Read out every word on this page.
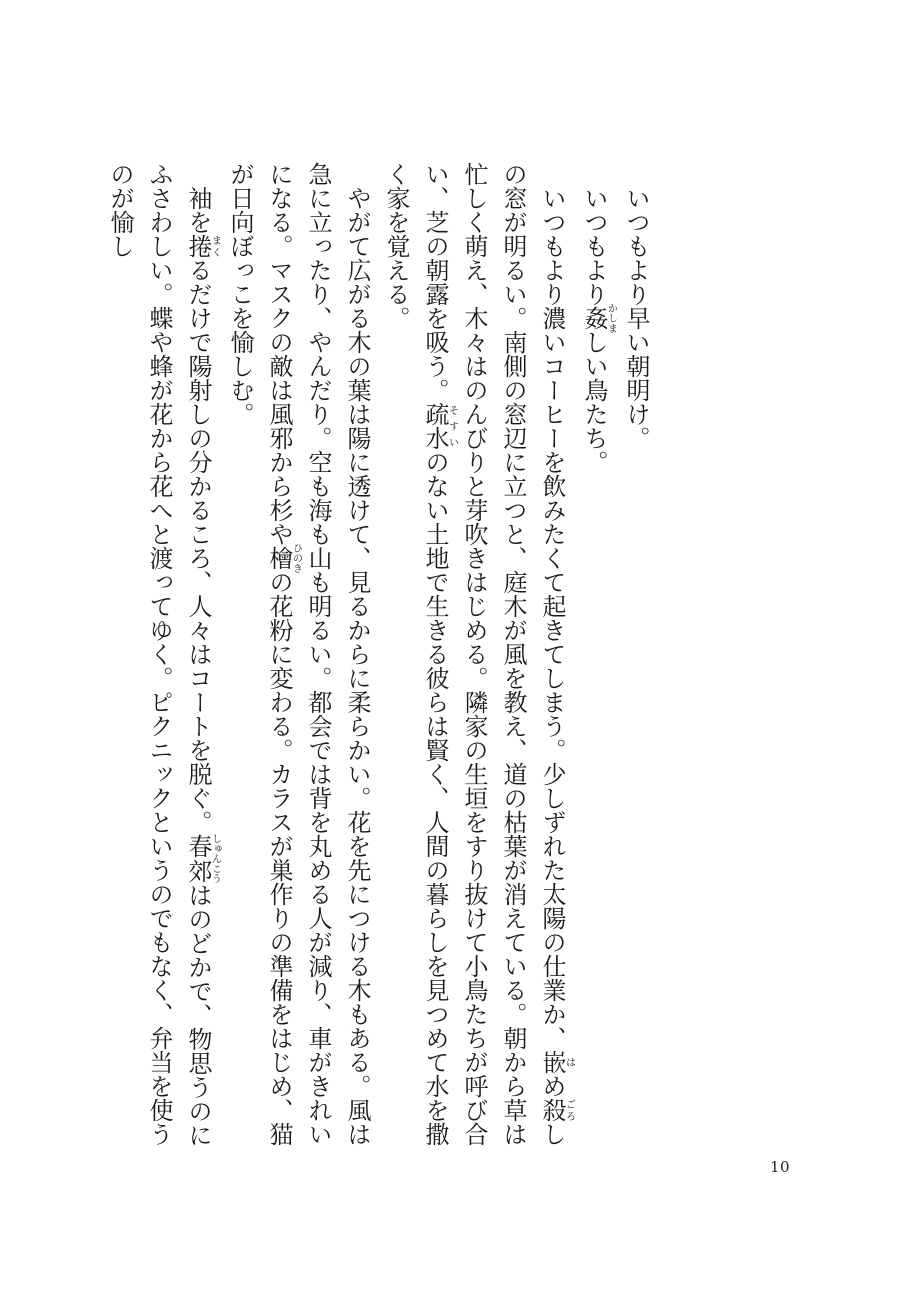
いつもより早い朝明け。
いつもより姦かしましい鳥たち。
いつもより濃いコーヒーを飲みたくて起きてしまう。少しずれた太陽の仕業か、嵌はめ殺ごろしの窓が明るい。南側の窓辺に立つと、庭木が風を教え、道の枯葉が消えている。朝から草は忙しく萌え、木々はのんびりと芽吹きはじめる。隣家の生垣をすり抜けて小鳥たちが呼び合い、芝の朝露を吸う。疏水そすいのない土地で生きる彼らは賢く、人間の暮らしを見つめて水を撒く家を覚える。
やがて広がる木の葉は陽に透けて、見るからに柔らかい。花を先につける木もある。風は急に立ったり、やんだり。空も海も山も明るい。都会では背を丸める人が減り、車がきれいになる。マスクの敵は風邪から杉や檜ひのきの花粉に変わる。カラスが巣作りの準備をはじめ、猫が日向ぼっこを愉しむ。
袖を捲まくるだけで陽射しの分かるころ、人々はコートを脱ぐ。春郊しゅんこうはのどかで、物思うのにふさわしい。蝶や蜂が花から花へと渡ってゆく。ピクニックというのでもなく、弁当を使うのが愉し
10
